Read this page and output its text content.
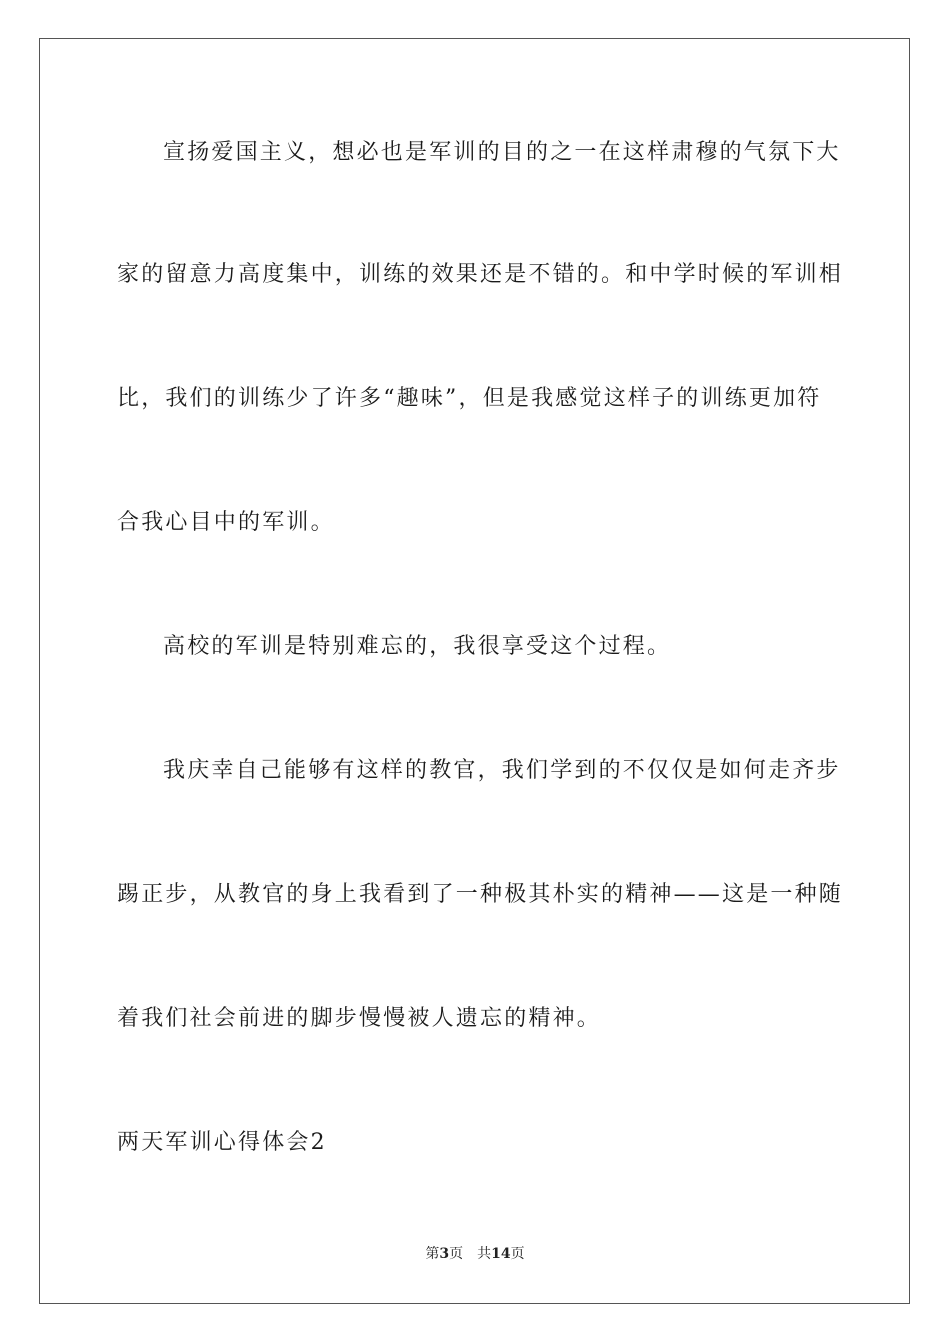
宣扬爱国主义，想必也是军训的目的之一在这样肃穆的气氛下大
家的留意力高度集中，训练的效果还是不错的。和中学时候的军训相
比，我们的训练少了许多“趣味”，但是我感觉这样子的训练更加符
合我心目中的军训。
高校的军训是特别难忘的，我很享受这个过程。
我庆幸自己能够有这样的教官，我们学到的不仅仅是如何走齐步
踢正步，从教官的身上我看到了一种极其朴实的精神——这是一种随
着我们社会前进的脚步慢慢被人遗忘的精神。
两天军训心得体会2
第3页 共14页
